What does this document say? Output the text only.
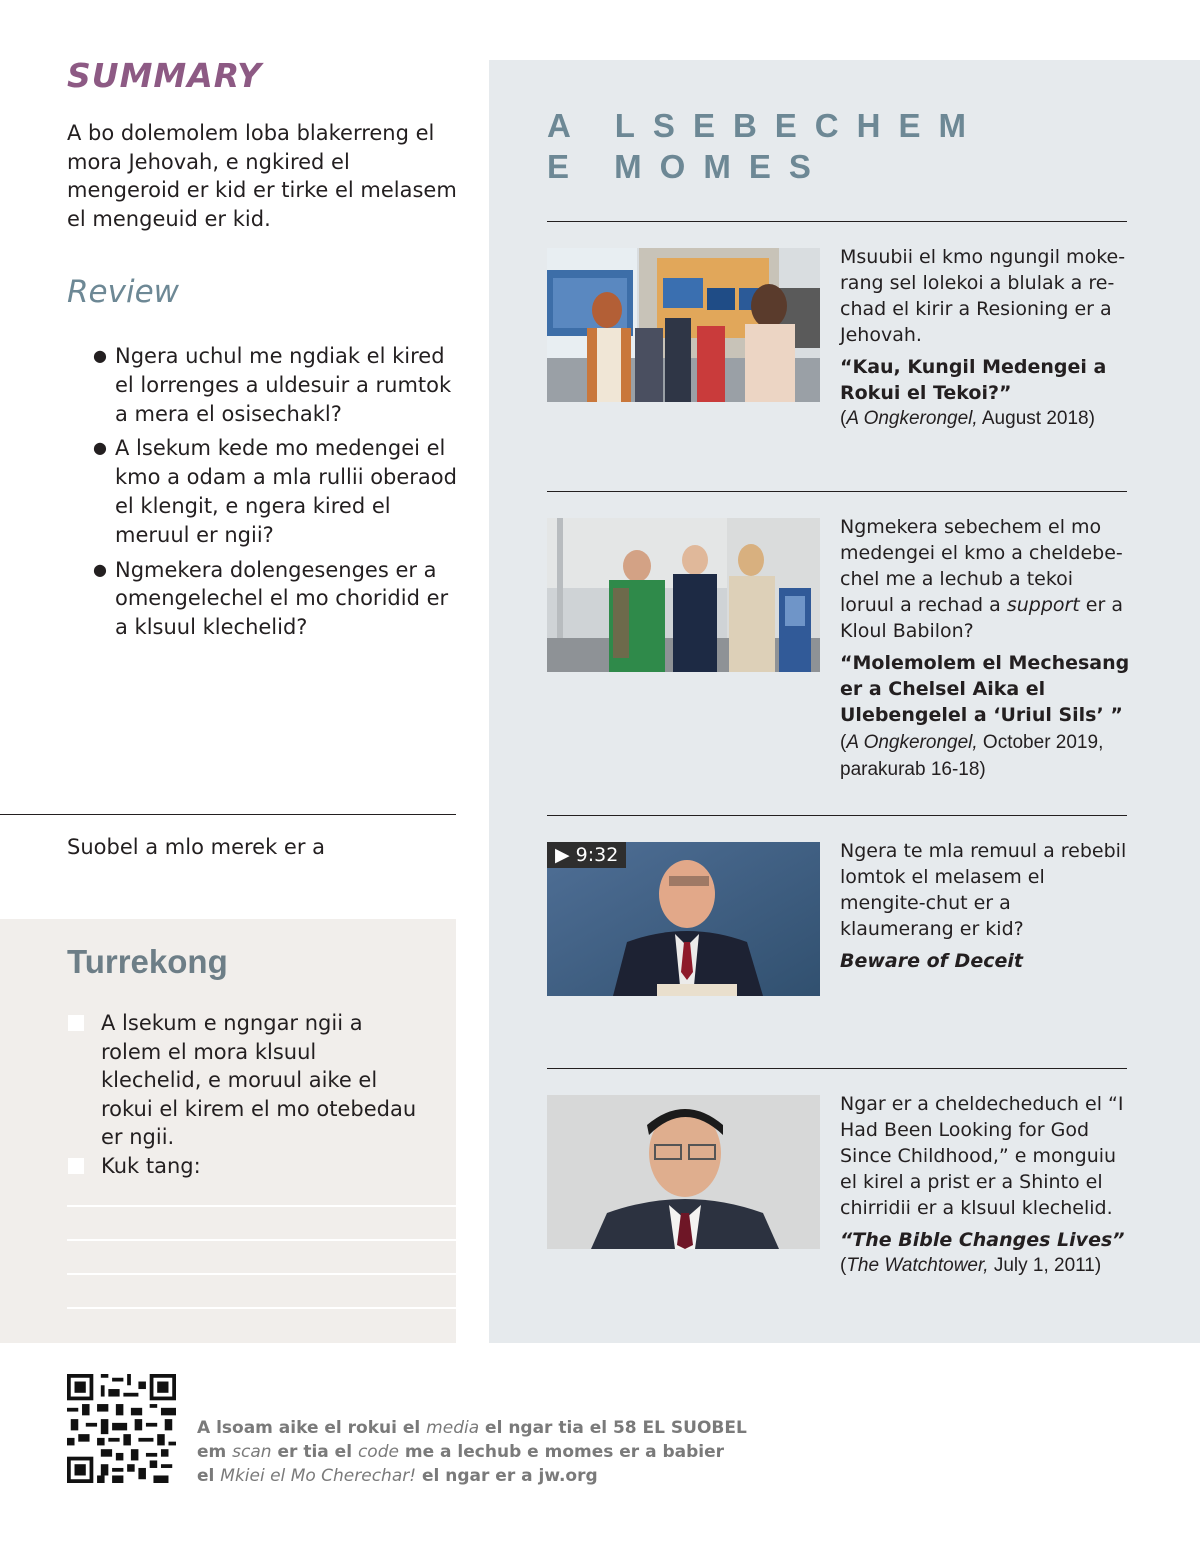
SUMMARY

A bo dolemolem loba blakerreng el mora Jehovah, e ngkired el mengeroid er kid er tirke el melasem el mengeuid er kid.

Review
● Ngera uchul me ngdiak el kired el lorrenges a uldesuir a rumtok a mera el osisechakl?
● A lsekum kede mo medengei el kmo a odam a mla rullii oberaod el klengit, e ngera kired el meruul er ngii?
● Ngmekera dolengesenges er a omengelechel el mo choridid er a klsuul klechelid?
Suobel a mlo merek er a
Turrekong
A lsekum e ngngar ngii a rolem el mora klsuul klechelid, e moruul aike el rokui el kirem el mo otebedau er ngii.
Kuk tang:
A LSEBECHEM
E MOMES
Msuubii el kmo ngungil moke-rang sel lolekoi a blulak a re-chad el kirir a Resioning er a Jehovah.
“Kau, Kungil Medengei a Rokui el Tekoi?”
(A Ongkerongel, August 2018)
Ngmekera sebechem el mo medengei el kmo a cheldebe-chel me a lechub a tekoi loruul a rechad a support er a Kloul Babilon?
“Molemolem el Mechesang er a Chelsel Aika el Ulebengelel a ‘Uriul Sils’ ” (A Ongkerongel, October 2019, parakurab 16-18)
▶ 9:32	Ngera te mla remuul a rebebil lomtok el melasem el mengite-chut er a klaumerang er kid?
Beware of Deceit
Ngar er a cheldecheduch el “I Had Been Looking for God Since Childhood,” e monguiu el kirel a prist er a Shinto el chirridii er a klsuul klechelid.
“The Bible Changes Lives”
(The Watchtower, July 1, 2011)
A lsoam aike el rokui el media el ngar tia el 58 EL SUOBEL
em scan er tia el code me a lechub e momes er a babier
el Mkiei el Mo Cherechar! el ngar er a jw.org
